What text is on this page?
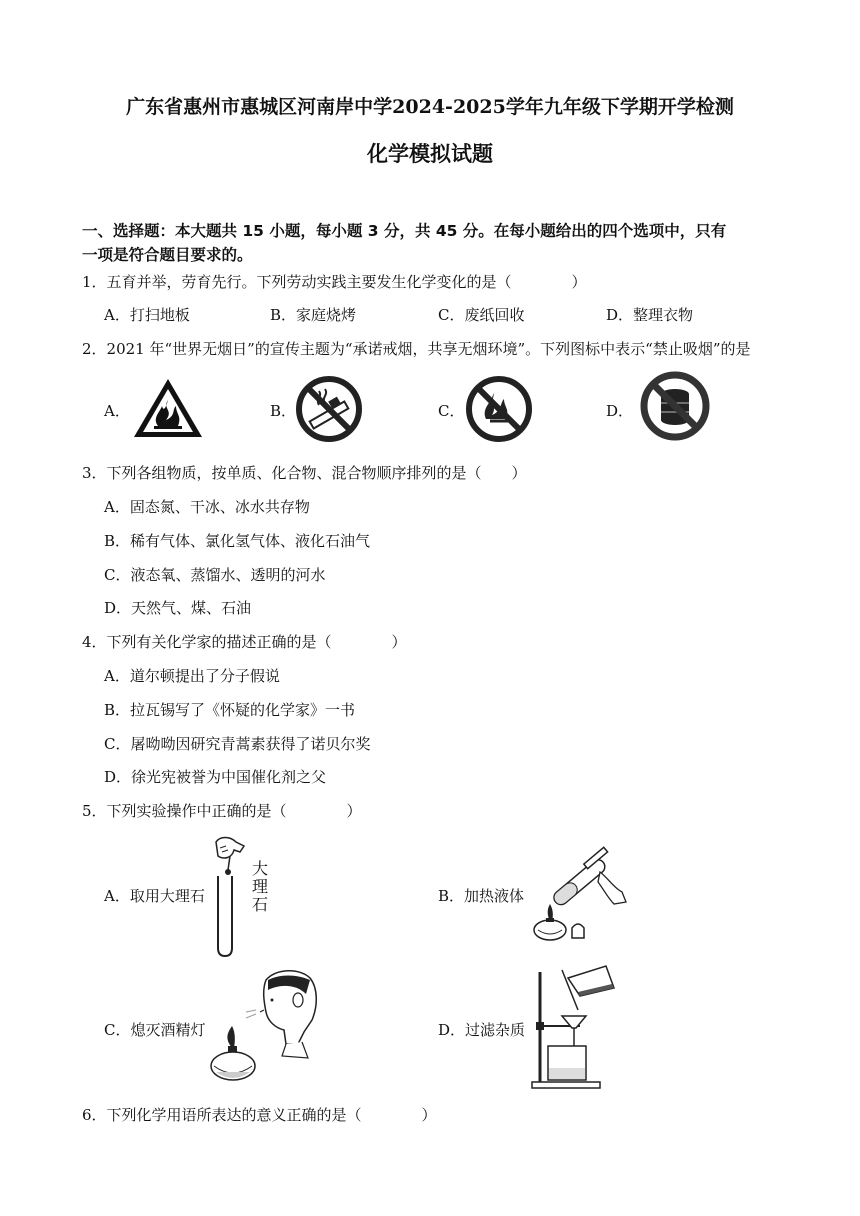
广东省惠州市惠城区河南岸中学2024-2025学年九年级下学期开学检测
化学模拟试题
一、选择题：本大题共 15 小题，每小题 3 分，共 45 分。在每小题给出的四个选项中，只有
一项是符合题目要求的。
1．五育并举，劳育先行。下列劳动实践主要发生化学变化的是（　　　　）
A．打扫地板	B．家庭烧烤	C．废纸回收	D．整理衣物
2．2021 年“世界无烟日”的宣传主题为“承诺戒烟，共享无烟环境”。下列图标中表示“禁止吸烟”的是
A．	B．	C．	D．
3．下列各组物质，按单质、化合物、混合物顺序排列的是（　　）
A．固态氮、干冰、冰水共存物
B．稀有气体、氯化氢气体、液化石油气
C．液态氧、蒸馏水、透明的河水
D．天然气、煤、石油
4．下列有关化学家的描述正确的是（　　　　）
A．道尔顿提出了分子假说
B．拉瓦锡写了《怀疑的化学家》一书
C．屠呦呦因研究青蒿素获得了诺贝尔奖
D．徐光宪被誉为中国催化剂之父
5．下列实验操作中正确的是（　　　　）
A．取用大理石	B．加热液体
C．熄灭酒精灯	D．过滤杂质
大
理
石
6．下列化学用语所表达的意义正确的是（　　　　）
